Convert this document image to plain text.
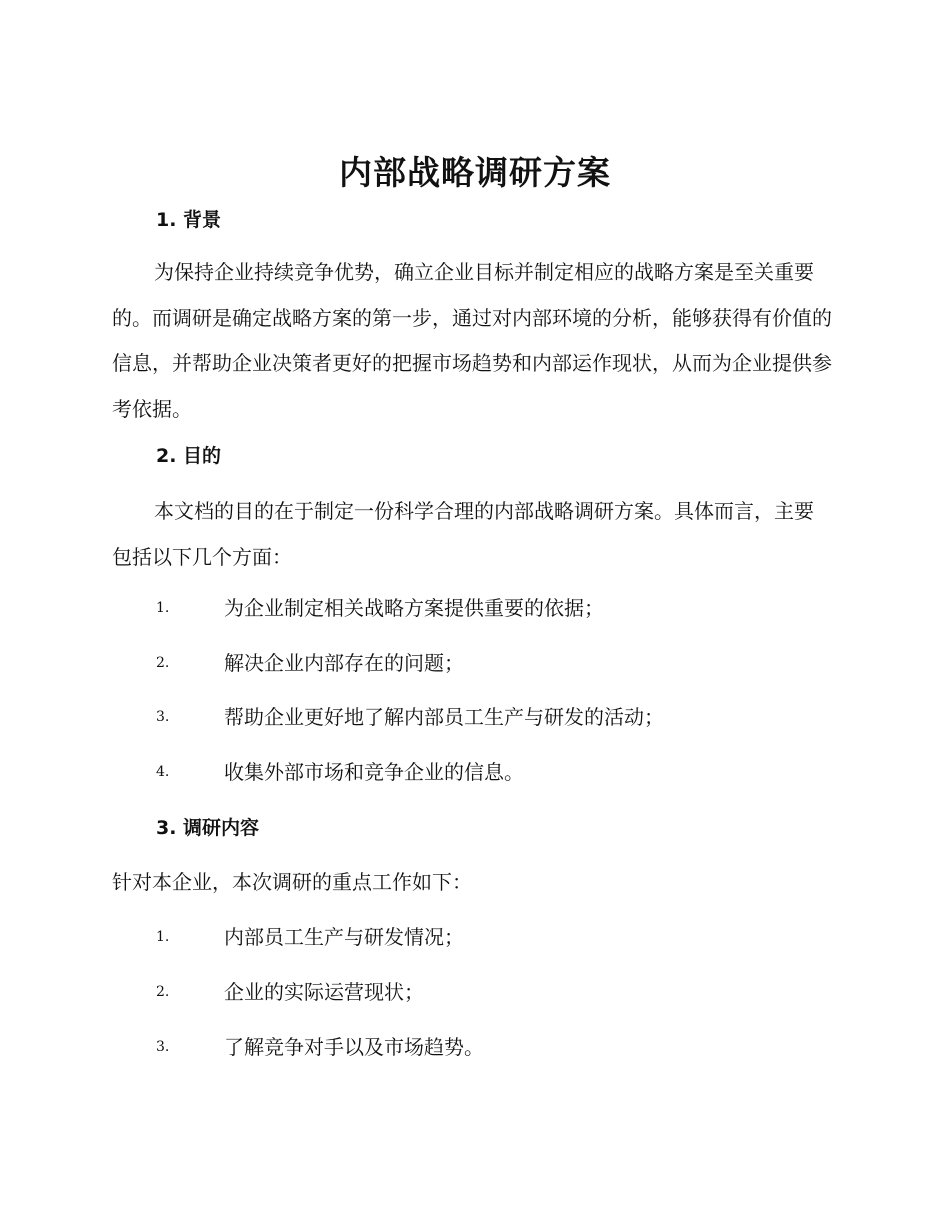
内部战略调研方案
1. 背景

为保持企业持续竞争优势，确立企业目标并制定相应的战略方案是至关重要的。而调研是确定战略方案的第一步，通过对内部环境的分析，能够获得有价值的信息，并帮助企业决策者更好的把握市场趋势和内部运作现状，从而为企业提供参考依据。

2. 目的

本文档的目的在于制定一份科学合理的内部战略调研方案。具体而言，主要包括以下几个方面：

1.	为企业制定相关战略方案提供重要的依据；
2.	解决企业内部存在的问题；
3.	帮助企业更好地了解内部员工生产与研发的活动；
4.	收集外部市场和竞争企业的信息。
3. 调研内容

针对本企业，本次调研的重点工作如下：

1.	内部员工生产与研发情况；
2.	企业的实际运营现状；
3.	了解竞争对手以及市场趋势。
